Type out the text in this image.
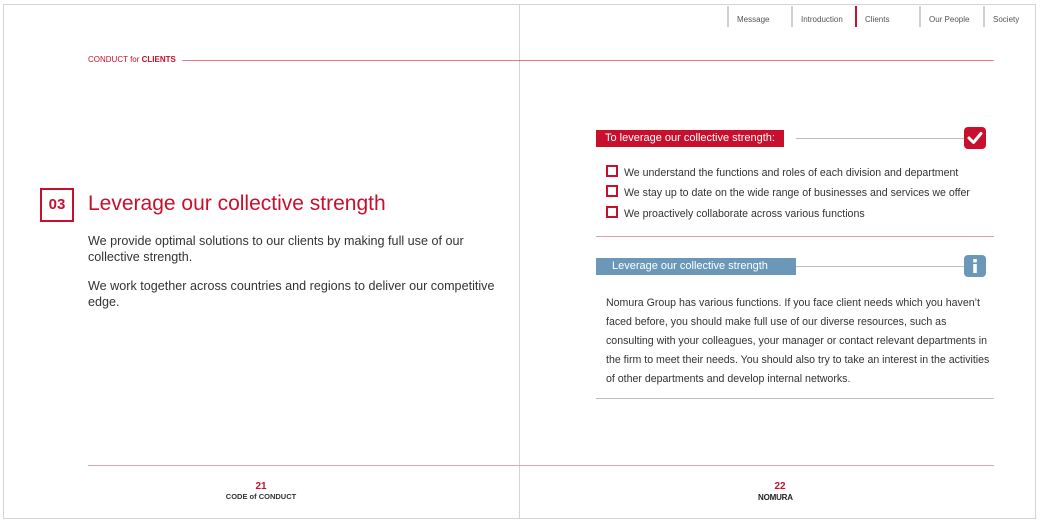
Message	Introduction	Clients	Our People	Society
CONDUCT for CLIENTS
03	Leverage our collective strength
We provide optimal solutions to our clients by making full use of our collective strength.
We work together across countries and regions to deliver our competitive edge.
21
CODE of CONDUCT
To leverage our collective strength:
We understand the functions and roles of each division and department
We stay up to date on the wide range of businesses and services we offer
We proactively collaborate across various functions
Leverage our collective strength
Nomura Group has various functions. If you face client needs which you haven’t faced before, you should make full use of our diverse resources, such as consulting with your colleagues, your manager or contact relevant departments in the firm to meet their needs. You should also try to take an interest in the activities of other departments and develop internal networks.
22
NOMURA
